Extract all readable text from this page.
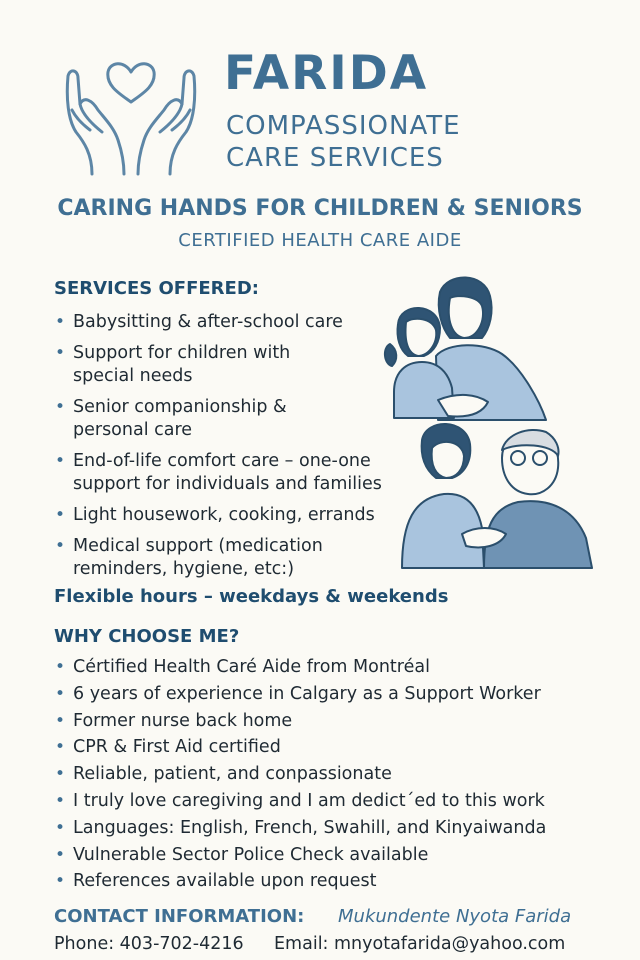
FARIDA
COMPASSIONATE
CARE SERVICES
CARING HANDS FOR CHILDREN & SENIORS
CERTIFIED HEALTH CARE AIDE
SERVICES OFFERED:
• Babysitting & after-school care
• Support for children with special needs
• Senior companionship & personal care
• End-of-life comfort care – one-one support for individuals and families
• Light housework, cooking, errands
• Medical support (medication reminders, hygiene, etc:)
Flexible hours – weekdays & weekends
WHY CHOOSE ME?
• Cértified Health Caré Aide from Montréal
• 6 years of experience in Calgary as a Support Worker
• Former nurse back home
• CPR & First Aid certified
• Reliable, patient, and conpassionate
• I truly love caregiving and I am dedict´ed to this work
• Languages: English, French, Swahill, and Kinyaiwanda
• Vulnerable Sector Police Check available
• References available upon request
CONTACT INFORMATION: Mukundente Nyota Farida
Phone: 403-702-4216 Email: mnyotafarida@yahoo.com
